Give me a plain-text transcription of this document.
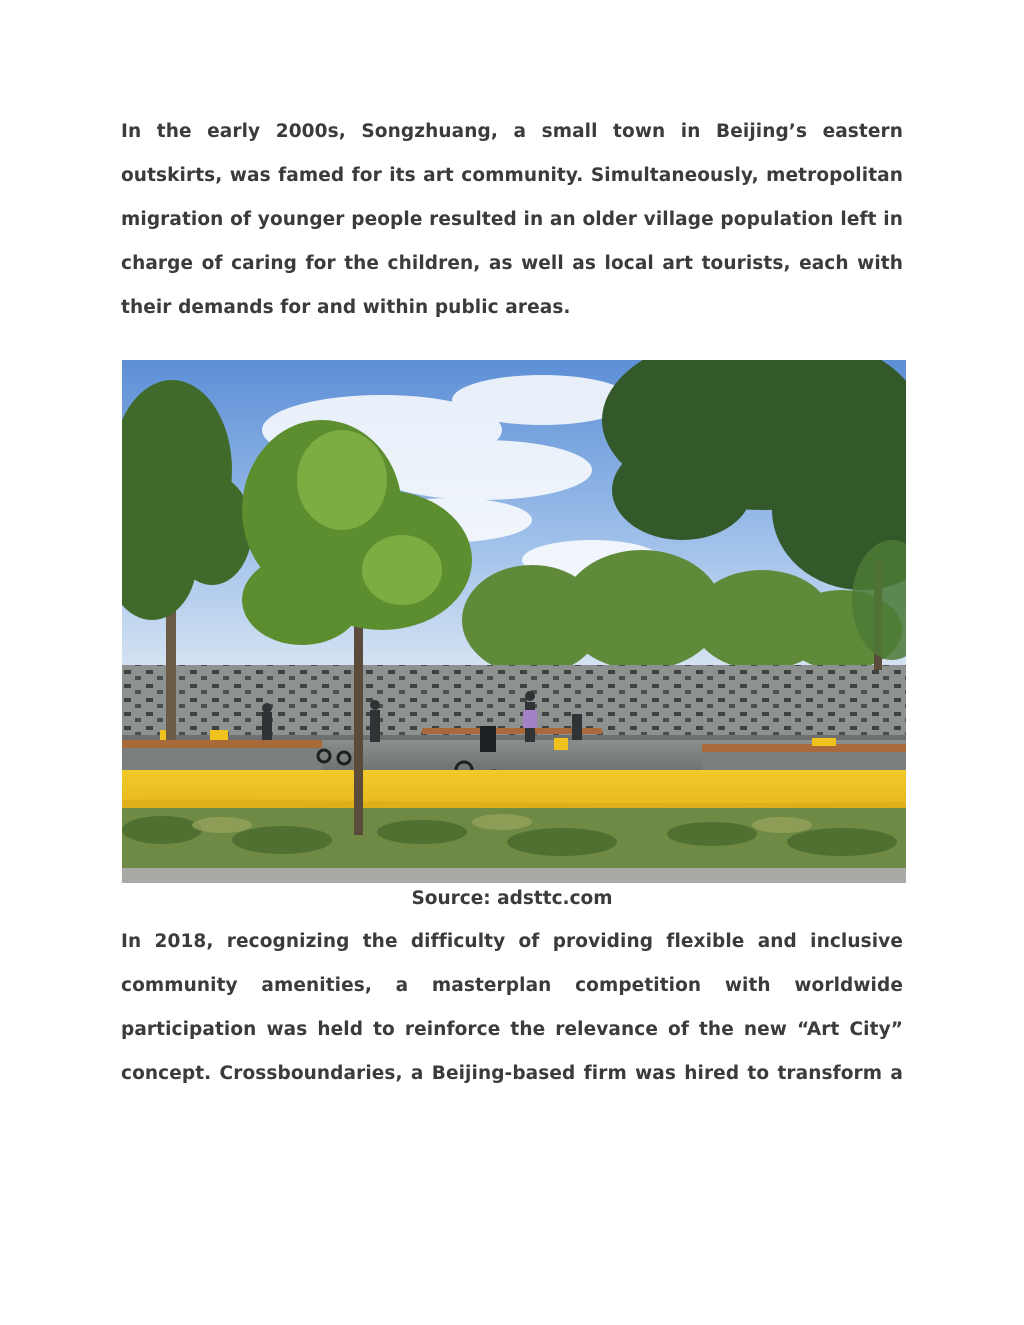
In the early 2000s, Songzhuang, a small town in Beijing’s eastern
outskirts, was famed for its art community. Simultaneously, metropolitan
migration of younger people resulted in an older village population left in
charge of caring for the children, as well as local art tourists, each with
their demands for and within public areas.

Source: adsttc.com

In 2018, recognizing the difficulty of providing flexible and inclusive
community amenities, a masterplan competition with worldwide
participation was held to reinforce the relevance of the new “Art City”
concept. Crossboundaries, a Beijing-based firm was hired to transform a
